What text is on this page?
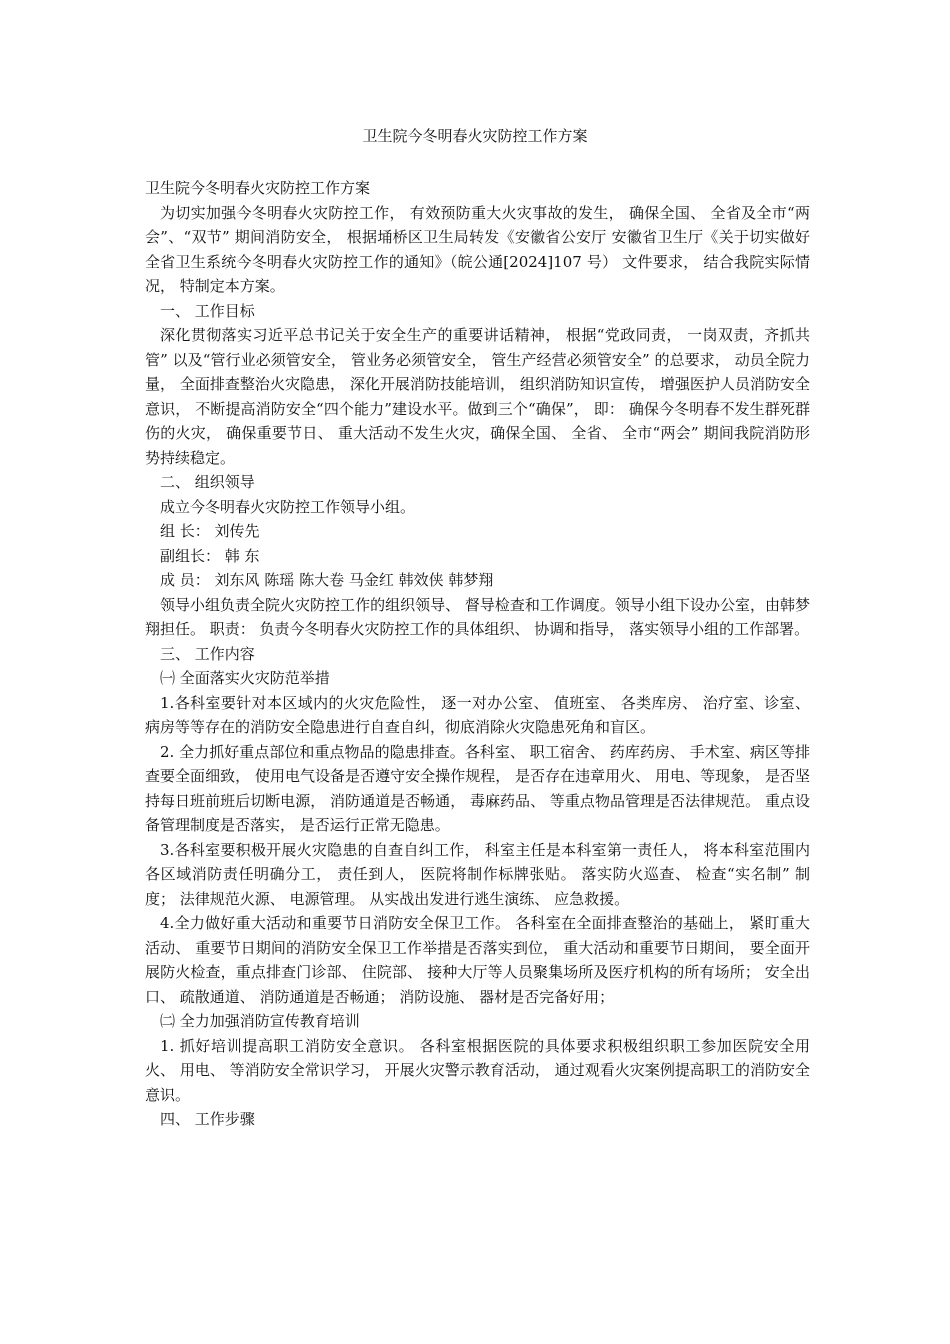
卫生院今冬明春火灾防控工作方案

卫生院今冬明春火灾防控工作方案

为切实加强今冬明春火灾防控工作， 有效预防重大火灾事故的发生， 确保全国、 全省及全市“两会”、“双节” 期间消防安全， 根据埇桥区卫生局转发《安徽省公安厅 安徽省卫生厅《关于切实做好全省卫生系统今冬明春火灾防控工作的通知》（皖公通[2024]107 号） 文件要求， 结合我院实际情况， 特制定本方案。

一、 工作目标

深化贯彻落实习近平总书记关于安全生产的重要讲话精神， 根据“党政同责， 一岗双责，齐抓共管” 以及“管行业必须管安全， 管业务必须管安全， 管生产经营必须管安全” 的总要求， 动员全院力量， 全面排查整治火灾隐患， 深化开展消防技能培训， 组织消防知识宣传， 增强医护人员消防安全意识， 不断提高消防安全“四个能力”建设水平。做到三个“确保”， 即： 确保今冬明春不发生群死群伤的火灾， 确保重要节日、 重大活动不发生火灾，确保全国、 全省、 全市“两会” 期间我院消防形势持续稳定。

二、 组织领导

成立今冬明春火灾防控工作领导小组。

组 长： 刘传先

副组长： 韩 东

成 员： 刘东风 陈瑶 陈大卷 马金红 韩效侠 韩梦翔

领导小组负责全院火灾防控工作的组织领导、 督导检查和工作调度。领导小组下设办公室，由韩梦翔担任。 职责： 负责今冬明春火灾防控工作的具体组织、 协调和指导， 落实领导小组的工作部署。

三、 工作内容

㈠ 全面落实火灾防范举措

1.各科室要针对本区域内的火灾危险性， 逐一对办公室、 值班室、 各类库房、 治疗室、诊室、 病房等等存在的消防安全隐患进行自查自纠，彻底消除火灾隐患死角和盲区。

2. 全力抓好重点部位和重点物品的隐患排查。各科室、 职工宿舍、 药库药房、 手术室、病区等排查要全面细致， 使用电气设备是否遵守安全操作规程， 是否存在违章用火、 用电、等现象， 是否坚持每日班前班后切断电源， 消防通道是否畅通， 毒麻药品、 等重点物品管理是否法律规范。 重点设备管理制度是否落实， 是否运行正常无隐患。

3.各科室要积极开展火灾隐患的自查自纠工作， 科室主任是本科室第一责任人， 将本科室范围内各区域消防责任明确分工， 责任到人， 医院将制作标牌张贴。 落实防火巡查、 检查“实名制” 制度； 法律规范火源、 电源管理。 从实战出发进行逃生演练、 应急救援。

4.全力做好重大活动和重要节日消防安全保卫工作。 各科室在全面排查整治的基础上， 紧盯重大活动、 重要节日期间的消防安全保卫工作举措是否落实到位， 重大活动和重要节日期间， 要全面开展防火检查，重点排查门诊部、 住院部、 接种大厅等人员聚集场所及医疗机构的所有场所； 安全出口、 疏散通道、 消防通道是否畅通； 消防设施、 器材是否完备好用；

㈡ 全力加强消防宣传教育培训

1. 抓好培训提高职工消防安全意识。 各科室根据医院的具体要求积极组织职工参加医院安全用火、 用电、 等消防安全常识学习， 开展火灾警示教育活动， 通过观看火灾案例提高职工的消防安全意识。

四、 工作步骤
